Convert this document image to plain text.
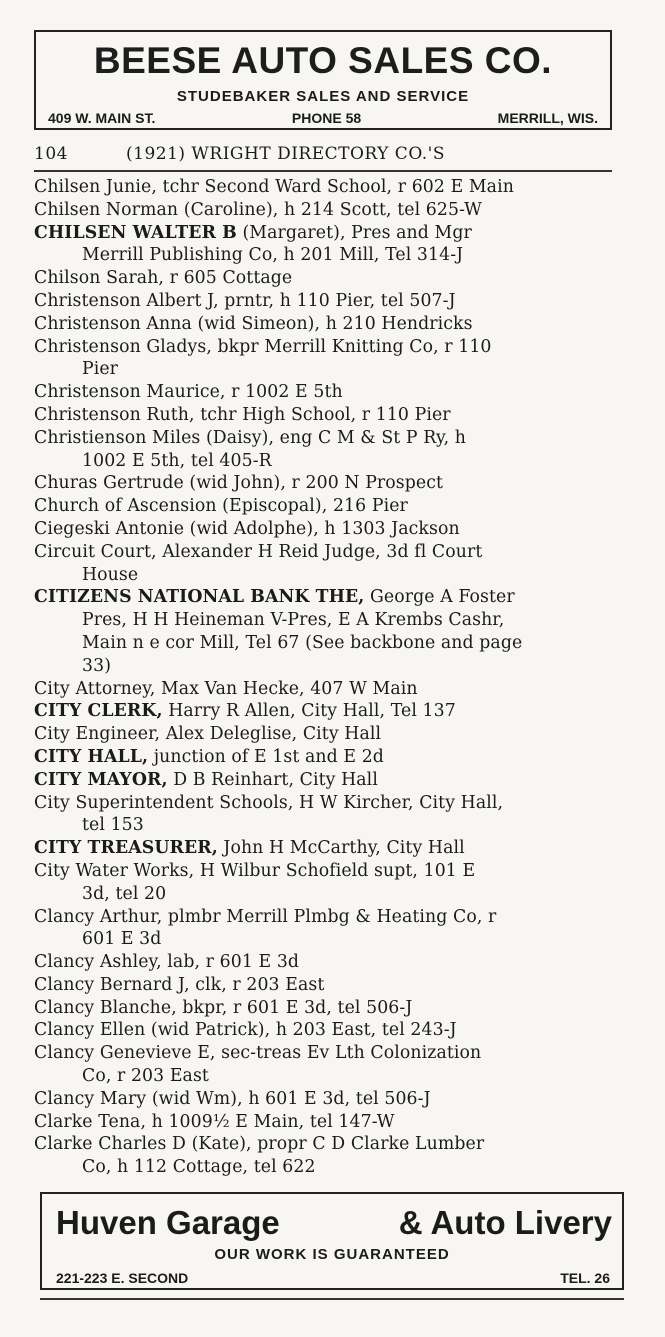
BEESE AUTO SALES CO.
STUDEBAKER SALES AND SERVICE
409 W. MAIN ST.	PHONE 58	MERRILL, WIS.
104	(1921) WRIGHT DIRECTORY CO.'S
Chilsen Junie, tchr Second Ward School, r 602 E Main
Chilsen Norman (Caroline), h 214 Scott, tel 625-W
CHILSEN WALTER B (Margaret), Pres and Mgr
Merrill Publishing Co, h 201 Mill, Tel 314-J
Chilson Sarah, r 605 Cottage
Christenson Albert J, prntr, h 110 Pier, tel 507-J
Christenson Anna (wid Simeon), h 210 Hendricks
Christenson Gladys, bkpr Merrill Knitting Co, r 110
Pier
Christenson Maurice, r 1002 E 5th
Christenson Ruth, tchr High School, r 110 Pier
Christienson Miles (Daisy), eng C M & St P Ry, h
1002 E 5th, tel 405-R
Churas Gertrude (wid John), r 200 N Prospect
Church of Ascension (Episcopal), 216 Pier
Ciegeski Antonie (wid Adolphe), h 1303 Jackson
Circuit Court, Alexander H Reid Judge, 3d fl Court
House
CITIZENS NATIONAL BANK THE, George A Foster
Pres, H H Heineman V-Pres, E A Krembs Cashr,
Main n e cor Mill, Tel 67 (See backbone and page
33)
City Attorney, Max Van Hecke, 407 W Main
CITY CLERK, Harry R Allen, City Hall, Tel 137
City Engineer, Alex Deleglise, City Hall
CITY HALL, junction of E 1st and E 2d
CITY MAYOR, D B Reinhart, City Hall
City Superintendent Schools, H W Kircher, City Hall,
tel 153
CITY TREASURER, John H McCarthy, City Hall
City Water Works, H Wilbur Schofield supt, 101 E
3d, tel 20
Clancy Arthur, plmbr Merrill Plmbg & Heating Co, r
601 E 3d
Clancy Ashley, lab, r 601 E 3d
Clancy Bernard J, clk, r 203 East
Clancy Blanche, bkpr, r 601 E 3d, tel 506-J
Clancy Ellen (wid Patrick), h 203 East, tel 243-J
Clancy Genevieve E, sec-treas Ev Lth Colonization
Co, r 203 East
Clancy Mary (wid Wm), h 601 E 3d, tel 506-J
Clarke Tena, h 1009½ E Main, tel 147-W
Clarke Charles D (Kate), propr C D Clarke Lumber
Co, h 112 Cottage, tel 622
Huven Garage	& Auto Livery
OUR WORK IS GUARANTEED
221-223 E. SECOND	TEL. 26
